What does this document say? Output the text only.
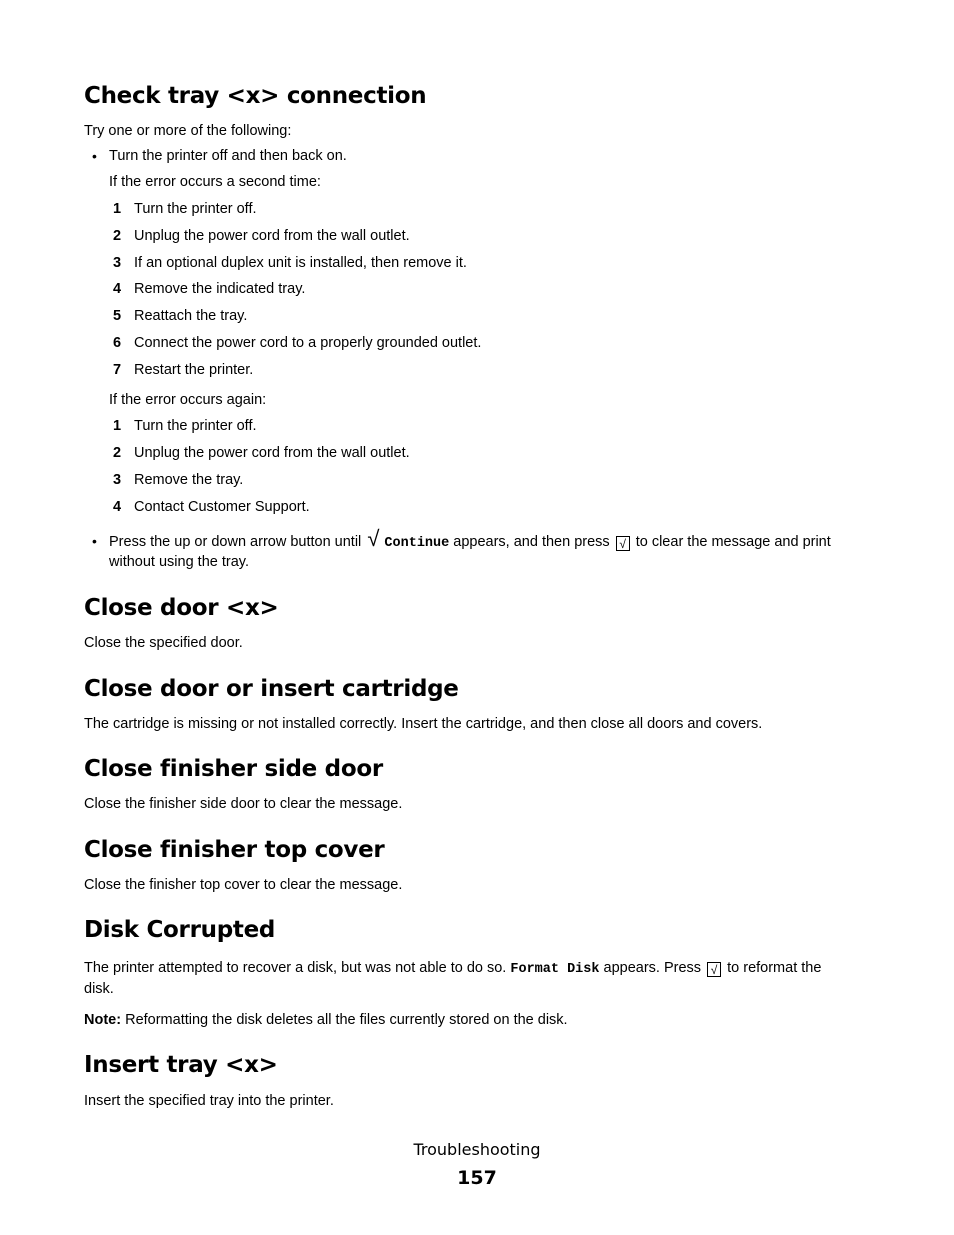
Check tray <x> connection

Try one or more of the following:

• Turn the printer off and then back on.

If the error occurs a second time:

1 Turn the printer off.

2 Unplug the power cord from the wall outlet.

3 If an optional duplex unit is installed, then remove it.

4 Remove the indicated tray.

5 Reattach the tray.

6 Connect the power cord to a properly grounded outlet.

7 Restart the printer.

If the error occurs again:

1 Turn the printer off.

2 Unplug the power cord from the wall outlet.

3 Remove the tray.

4 Contact Customer Support.

• Press the up or down arrow button until √ Continue appears, and then press √ to clear the message and print

without using the tray.

Close door <x>

Close the specified door.

Close door or insert cartridge

The cartridge is missing or not installed correctly. Insert the cartridge, and then close all doors and covers.

Close finisher side door

Close the finisher side door to clear the message.

Close finisher top cover

Close the finisher top cover to clear the message.

Disk Corrupted

The printer attempted to recover a disk, but was not able to do so. Format Disk appears. Press √ to reformat the

disk.

Note: Reformatting the disk deletes all the files currently stored on the disk.

Insert tray <x>

Insert the specified tray into the printer.

Troubleshooting
157
